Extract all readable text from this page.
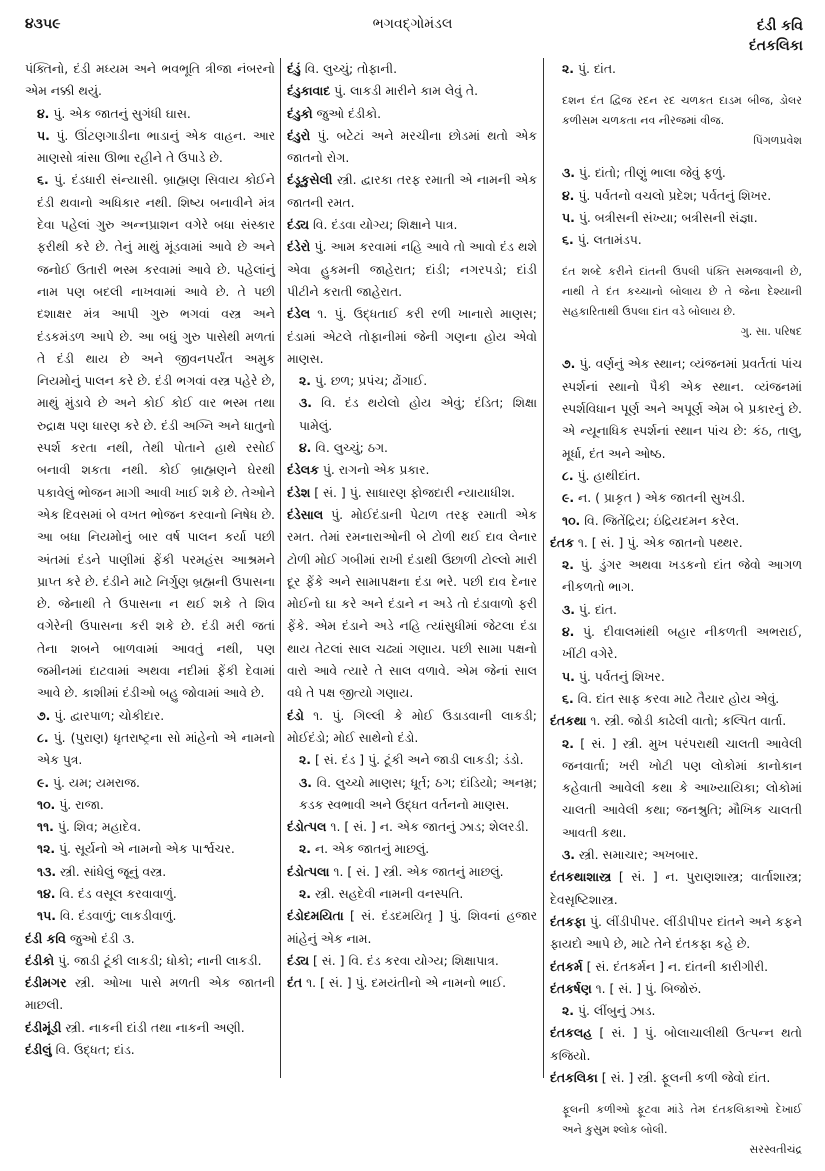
૪૩૫૯	ભગવદ્ગોમંડલ	દંડી કવિ
દંતકલિકા

પંક્તિનો, દંડી મધ્યમ અને ભવભૂતિ ત્રીજા નંબરનો એમ નક્કી થયું.

૪. પું. એક જાતનું સુગંધી ઘાસ.

૫. પું. ઊંટણગાડીના ભાડાનું એક વાહન. આર માણસો ત્રાંસા ઊભા રહીને તે ઉપાડે છે.

૬. પું. દંડધારી સંન્યાસી. બ્રાહ્મણ સિવાય કોઈને દંડી થવાનો અધિકાર નથી. શિષ્ય બનાવીને મંત્ર દેવા પહેલાં ગુરુ અન્નપ્રાશન વગેરે બધા સંસ્કાર ફરીથી કરે છે. તેનું માથું મૂંડવામાં આવે છે અને જનોઈ ઉતારી ભસ્મ કરવામાં આવે છે. પહેલાંનું નામ પણ બદલી નાખવામાં આવે છે. તે પછી દશાક્ષર મંત્ર આપી ગુરુ ભગવાં વસ્ત્ર અને દંડકમંડળ આપે છે. આ બધું ગુરુ પાસેથી મળતાં તે દંડી થાય છે અને જીવનપર્યંત અમુક નિયમોનું પાલન કરે છે. દંડી ભગવાં વસ્ત્ર પહેરે છે, માથું મુંડાવે છે અને કોઈ કોઈ વાર ભસ્મ તથા રુદ્રાક્ષ પણ ધારણ કરે છે. દંડી અગ્નિ અને ધાતુનો સ્પર્શ કરતા નથી, તેથી પોતાને હાથે રસોઈ બનાવી શકતા નથી. કોઈ બ્રાહ્મણને ઘેરથી પકાવેલું ભોજન માગી આવી ખાઈ શકે છે. તેઓને એક દિવસમાં બે વખત ભોજન કરવાનો નિષેધ છે. આ બધા નિયમોનું બાર વર્ષ પાલન કર્યા પછી અંતમાં દંડને પાણીમાં ફેંકી પરમહંસ આશ્રમને પ્રાપ્ત કરે છે. દંડીને માટે નિર્ગુણ બ્રહ્મની ઉપાસના છે. જેનાથી તે ઉપાસના ન થઈ શકે તે શિવ વગેરેની ઉપાસના કરી શકે છે. દંડી મરી જતાં તેના શબને બાળવામાં આવતું નથી, પણ જમીનમાં દાટવામાં અથવા નદીમાં ફેંકી દેવામાં આવે છે. કાશીમાં દંડીઓ બહુ જોવામાં આવે છે.

૭. પું. દ્વારપાળ; ચોકીદાર.

૮. પું. (પુરાણ) ધૃતરાષ્ટ્રના સો માંહેનો એ નામનો એક પુત્ર.

૯. પું. યમ; યમરાજ.

૧૦. પું. રાજા.

૧૧. પું. શિવ; મહાદેવ.

૧૨. પું. સૂર્યનો એ નામનો એક પાર્શ્વચર.

૧૩. સ્ત્રી. સાંધેલું જૂનું વસ્ત્ર.

૧૪. વિ. દંડ વસૂલ કરવાવાળું.

૧૫. વિ. દંડવાળું; લાકડીવાળું.

દંડી કવિ જુઓ દંડી ૩.

દંડીકો પું. જાડી ટૂંકી લાકડી; ધોકો; નાની લાકડી.

દંડીમગર સ્ત્રી. ઓખા પાસે મળતી એક જાતની માછલી.

દંડીમૂંડી સ્ત્રી. નાકની દાંડી તથા નાકની અણી.

દંડીલું વિ. ઉદ્ધત; દાંડ.

દંડું વિ. લુચ્ચું; તોફાની.

દંડુકાવાદ પું. લાકડી મારીને કામ લેવું તે.

દંડુકો જુઓ દંડીકો.

દંડુરો પું. બટેટાં અને મરચીના છોડમાં થતો એક જાતનો રોગ.

દંડૂકુસેલી સ્ત્રી. દ્વારકા તરફ રમાતી એ નામની એક જાતની રમત.

દંડ્ય વિ. દંડવા યોગ્ય; શિક્ષાને પાત્ર.

દંડેરો પું. આમ કરવામાં નહિ આવે તો આવો દંડ થશે એવા હુકમની જાહેરાત; દાંડી; નગરપડો; દાંડી પીટીને કરાતી જાહેરાત.

દંડેલ ૧. પું. ઉદ્ધતાઈ કરી રળી ખાનારો માણસ; દંડામાં એટલે તોફાનીમાં જેની ગણના હોય એવો માણસ.

૨. પું. છળ; પ્રપંચ; ઢોંગાઈ.

૩. વિ. દંડ થયેલો હોય એવું; દંડિત; શિક્ષા પામેલું.

૪. વિ. લુચ્ચું; ઠગ.

દંડેલક પું. રાગનો એક પ્રકાર.

દંડેશ [ સં. ] પું. સાધારણ ફોજદારી ન્યાયાધીશ.

દંડેસાલ પું. મોઈદંડાની પેટાળ તરફ રમાતી એક રમત. તેમાં રમનારાઓની બે ટોળી થઈ દાવ લેનાર ટોળી મોઈ ગબીમાં રાખી દંડાથી ઉછાળી ટોલ્લો મારી દૂર ફેંકે અને સામાપક્ષના દંડા ભરે. પછી દાવ દેનાર મોઈનો ઘા કરે અને દંડાને ન અડે તો દંડાવાળો ફરી ફેંકે. એમ દંડાને અડે નહિ ત્યાંસુધીમાં જેટલા દંડા થાય તેટલાં સાલ ચઢ્યાં ગણાય. પછી સામા પક્ષનો વારો આવે ત્યારે તે સાલ વળાવે. એમ જેનાં સાલ વધે તે પક્ષ જીત્યો ગણાય.

દંડો ૧. પું. ગિલ્લી કે મોઈ ઉડાડવાની લાકડી; મોઈદંડો; મોઈ સાથેનો દંડો.

૨. [ સં. દંડ ] પું. ટૂંકી અને જાડી લાકડી; ડંડો.

૩. વિ. લુચ્ચો માણસ; ધૂર્ત; ઠગ; દાંડિયો; અનમ્ર; કડક સ્વભાવી અને ઉદ્ધત વર્તનનો માણસ.

દંડોત્પલ ૧. [ સં. ] ન. એક જાતનું ઝાડ; શેલરડી.

૨. ન. એક જાતનું માછલું.

દંડોત્પલા ૧. [ સં. ] સ્ત્રી. એક જાતનું માછલું.

૨. સ્ત્રી. સહદેવી નામની વનસ્પતિ.

દંડોદમયિતા [ સં. દંડદમયિતૃ ] પું. શિવનાં હજાર માંહેનું એક નામ.

દંડ્ય [ સં. ] વિ. દંડ કરવા યોગ્ય; શિક્ષાપાત્ર.

દંત ૧. [ સં. ] પું. દમયંતીનો એ નામનો ભાઈ.

૨. પું. દાંત.

દશન દંત દ્વિજ રદન રદ ચળકત દાડમ બીજ, ડોલર કળીસમ ચળકતા નવ નીરજમાં વીજ.
પિંગળપ્રવેશ

૩. પું. દાંતો; તીણું ભાલા જેવું ફળું.

૪. પું. પર્વતનો વચલો પ્રદેશ; પર્વતનું શિખર.

૫. પું. બત્રીસની સંખ્યા; બત્રીસની સંજ્ઞા.

૬. પું. લતામંડપ.

દંત શબ્દે કરીને દાંતની ઉપલી પંક્તિ સમજવાની છે, નાથી તે દંત કચ્ચાનો બોલાય છે તે જેના દેશ્યાની સહકારિતાથી ઉપલા દાંત વડે બોલાય છે.
ગુ. સા. પરિષદ

૭. પું. વર્ણનું એક સ્થાન; વ્યંજનમાં પ્રવર્તતાં પાંચ સ્પર્શનાં સ્થાનો પૈકી એક સ્થાન. વ્યંજનમાં સ્પર્શવિધાન પૂર્ણ અને અપૂર્ણ એમ બે પ્રકારનું છે. એ ન્યૂનાધિક સ્પર્શનાં સ્થાન પાંચ છે: કંઠ, તાલુ, મૂર્ધા, દંત અને ઓષ્ઠ.

૮. પું. હાથીદાંત.

૯. ન. ( પ્રાકૃત ) એક જાતની સુખડી.

૧૦. વિ. જિતેંદ્રિય; ઇંદ્રિયદમન કરેલ.

દંતક ૧. [ સં. ] પું. એક જાતનો પથ્થર.

૨. પું. ડુંગર અથવા ખડકનો દાંત જેવો આગળ નીકળતો ભાગ.

૩. પું. દાંત.

૪. પું. દીવાલમાંથી બહાર નીકળતી અભરાઈ, ખીંટી વગેરે.

૫. પું. પર્વતનું શિખર.

૬. વિ. દાંત સાફ કરવા માટે તૈયાર હોય એવું.

દંતકથા ૧. સ્ત્રી. જોડી કાઢેલી વાતો; કલ્પિત વાર્તા.

૨. [ સં. ] સ્ત્રી. મુખ પરંપરાથી ચાલતી આવેલી જનવાર્તા; ખરી ખોટી પણ લોકોમાં કાનોકાન કહેવાતી આવેલી કથા કે આખ્યાયિકા; લોકોમાં ચાલતી આવેલી કથા; જનશ્રુતિ; મૌખિક ચાલતી આવતી કથા.

૩. સ્ત્રી. સમાચાર; અખબાર.

દંતકથાશાસ્ત્ર [ સં. ] ન. પુરાણશાસ્ત્ર; વાર્તાશાસ્ત્ર; દેવસૃષ્ટિશાસ્ત્ર.

દંતકફા પું. લીંડીપીપર. લીંડીપીપર દાંતને અને કફને ફાયદો આપે છે, માટે તેને દંતકફા કહે છે.

દંતકર્મ [ સં. દંતકર્મન ] ન. દાંતની કારીગીરી.

દંતકર્ષણ ૧. [ સં. ] પું. બિજોરું.

૨. પું. લીંબુનું ઝાડ.

દંતકલહ [ સં. ] પું. બોલાચાલીથી ઉત્પન્ન થતો કજિયો.

દંતકલિકા [ સં. ] સ્ત્રી. ફૂલની કળી જેવો દાંત.

ફૂલની કળીઓ ફૂટવા માંડે તેમ દંતકલિકાઓ દેખાઈ અને કુસુમ શ્લોક બોલી.
સરસ્વતીચંદ્ર
